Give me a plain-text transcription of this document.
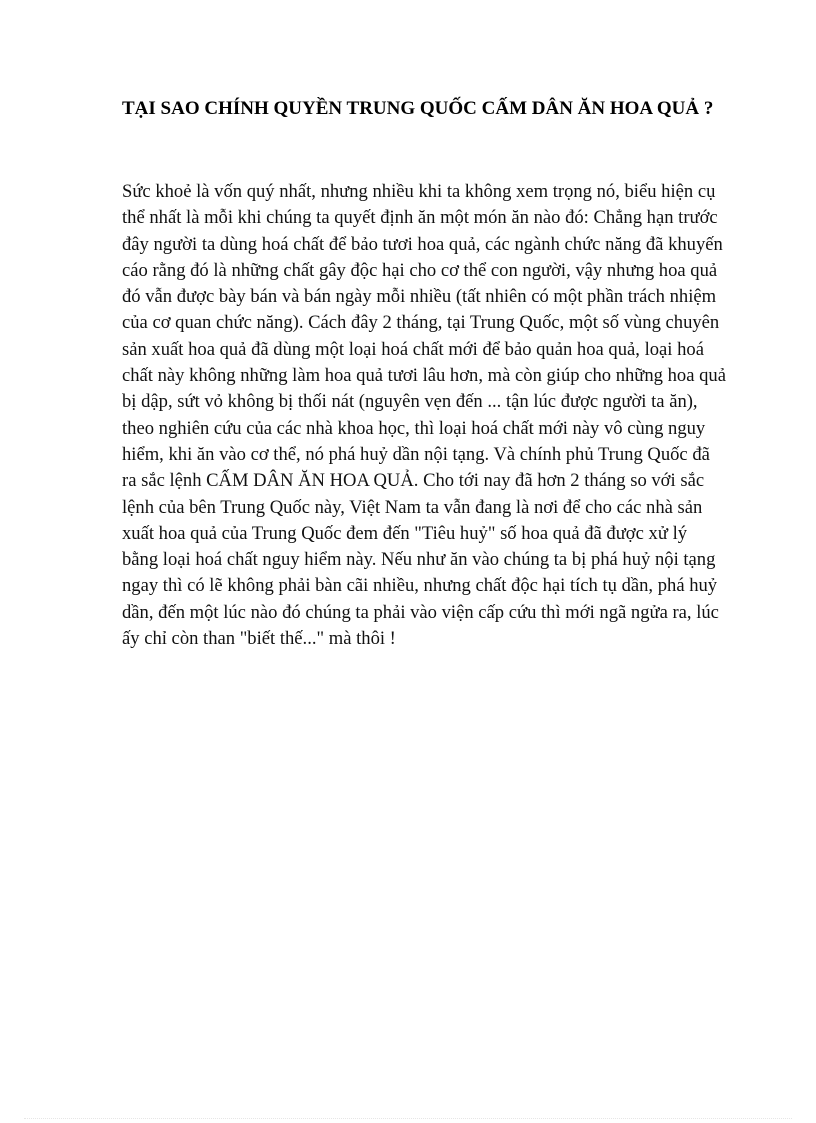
TẠI SAO CHÍNH QUYỀN TRUNG QUỐC CẤM DÂN ĂN HOA QUẢ ?

Sức khoẻ là vốn quý nhất, nhưng nhiều khi ta không xem trọng nó, biểu hiện cụ thể nhất là mỗi khi chúng ta quyết định ăn một món ăn nào đó: Chẳng hạn trước đây người ta dùng hoá chất để bảo tươi hoa quả, các ngành chức năng đã khuyến cáo rằng đó là những chất gây độc hại cho cơ thể con người, vậy nhưng hoa quả đó vẫn được bày bán và bán ngày mỗi nhiều (tất nhiên có một phần trách nhiệm của cơ quan chức năng). Cách đây 2 tháng, tại Trung Quốc, một số vùng chuyên sản xuất hoa quả đã dùng một loại hoá chất mới để bảo quản hoa quả, loại hoá chất này không những làm hoa quả tươi lâu hơn, mà còn giúp cho những hoa quả bị dập, sứt vỏ không bị thối nát (nguyên vẹn đến ... tận lúc được người ta ăn), theo nghiên cứu của các nhà khoa học, thì loại hoá chất mới này vô cùng nguy hiểm, khi ăn vào cơ thể, nó phá huỷ dần nội tạng. Và chính phủ Trung Quốc đã ra sắc lệnh CẤM DÂN ĂN HOA QUẢ. Cho tới nay đã hơn 2 tháng so với sắc lệnh của bên Trung Quốc này, Việt Nam ta vẫn đang là nơi để cho các nhà sản xuất hoa quả của Trung Quốc đem đến "Tiêu huỷ" số hoa quả đã được xử lý bằng loại hoá chất nguy hiểm này. Nếu như ăn vào chúng ta bị phá huỷ nội tạng ngay thì có lẽ không phải bàn cãi nhiều, nhưng chất độc hại tích tụ dần, phá huỷ dần, đến một lúc nào đó chúng ta phải vào viện cấp cứu thì mới ngã ngửa ra, lúc ấy chỉ còn than "biết thế..." mà thôi !
